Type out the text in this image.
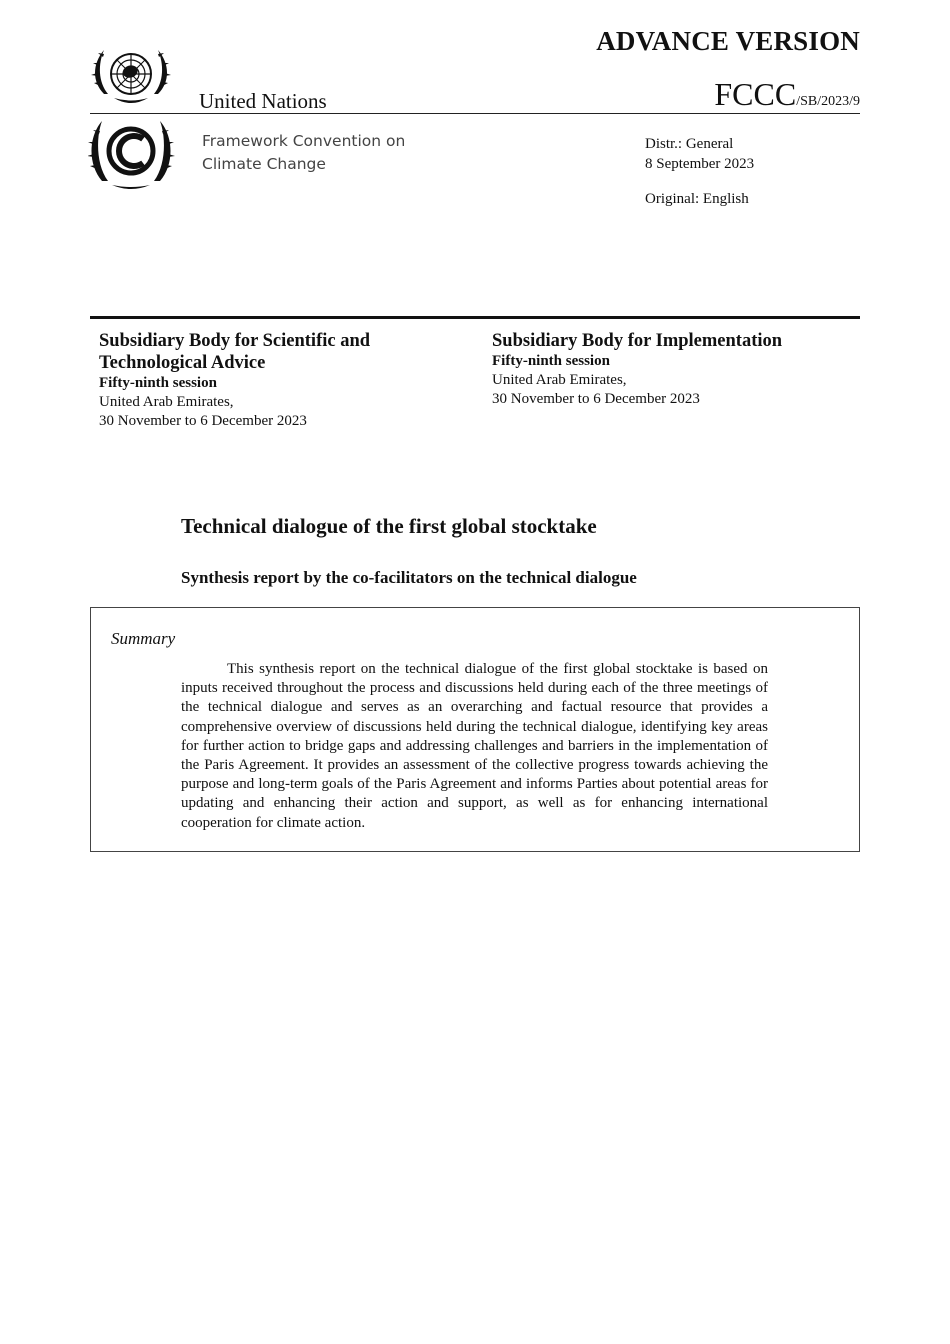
ADVANCE VERSION
FCCC/SB/2023/9
United Nations
Framework Convention on
Climate Change
Distr.: General
8 September 2023
Original: English
Subsidiary Body for Scientific and
Technological Advice
Fifty-ninth session
United Arab Emirates,
30 November to 6 December 2023
Subsidiary Body for Implementation
Fifty-ninth session
United Arab Emirates,
30 November to 6 December 2023
Technical dialogue of the first global stocktake
Synthesis report by the co-facilitators on the technical dialogue
Summary
This synthesis report on the technical dialogue of the first global stocktake is based on inputs received throughout the process and discussions held during each of the three meetings of the technical dialogue and serves as an overarching and factual resource that provides a comprehensive overview of discussions held during the technical dialogue, identifying key areas for further action to bridge gaps and addressing challenges and barriers in the implementation of the Paris Agreement. It provides an assessment of the collective progress towards achieving the purpose and long-term goals of the Paris Agreement and informs Parties about potential areas for updating and enhancing their action and support, as well as for enhancing international cooperation for climate action.
